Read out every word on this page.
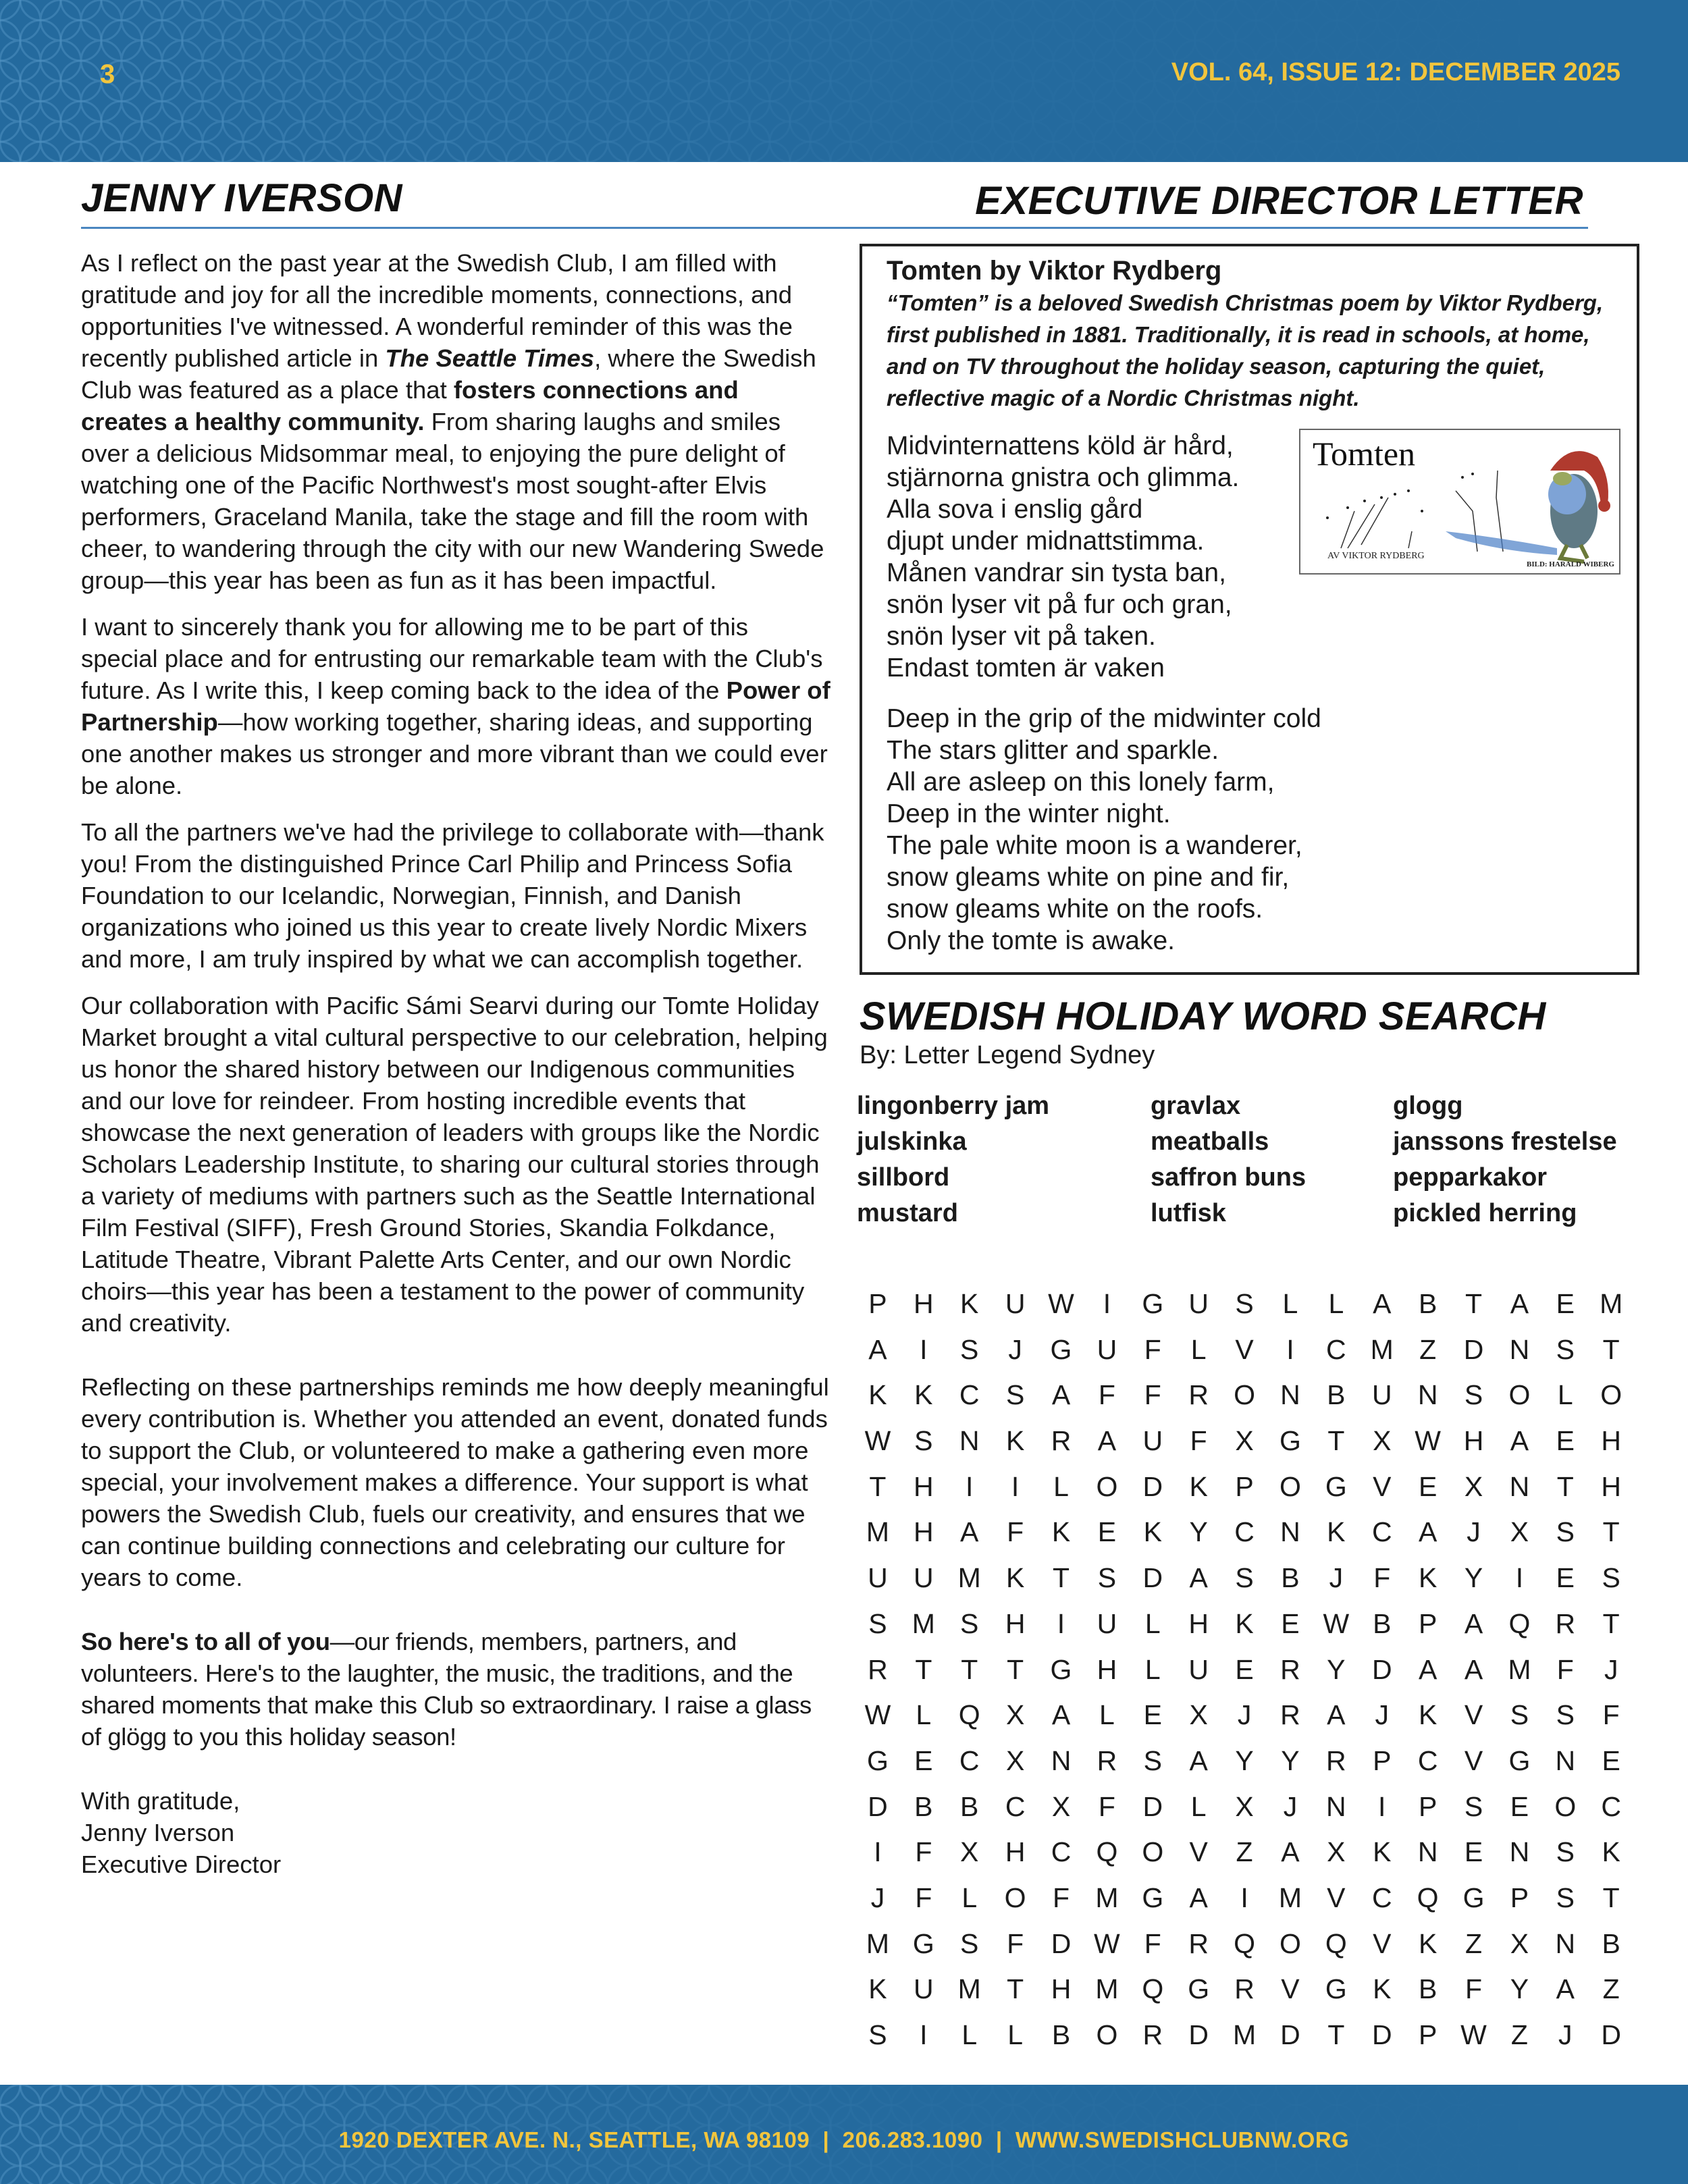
3	VOL. 64, ISSUE 12: DECEMBER 2025
JENNY IVERSON	EXECUTIVE DIRECTOR LETTER

As I reflect on the past year at the Swedish Club, I am filled with gratitude and joy for all the incredible moments, connections, and opportunities I've witnessed. A wonderful reminder of this was the recently published article in The Seattle Times, where the Swedish Club was featured as a place that fosters connections and creates a healthy community. From sharing laughs and smiles over a delicious Midsommar meal, to enjoying the pure delight of watching one of the Pacific Northwest's most sought-after Elvis performers, Graceland Manila, take the stage and fill the room with cheer, to wandering through the city with our new Wandering Swede group—this year has been as fun as it has been impactful.

I want to sincerely thank you for allowing me to be part of this special place and for entrusting our remarkable team with the Club's future. As I write this, I keep coming back to the idea of the Power of Partnership—how working together, sharing ideas, and supporting one another makes us stronger and more vibrant than we could ever be alone.

To all the partners we've had the privilege to collaborate with—thank you! From the distinguished Prince Carl Philip and Princess Sofia Foundation to our Icelandic, Norwegian, Finnish, and Danish organizations who joined us this year to create lively Nordic Mixers and more, I am truly inspired by what we can accomplish together.

Our collaboration with Pacific Sámi Searvi during our Tomte Holiday Market brought a vital cultural perspective to our celebration, helping us honor the shared history between our Indigenous communities and our love for reindeer. From hosting incredible events that showcase the next generation of leaders with groups like the Nordic Scholars Leadership Institute, to sharing our cultural stories through a variety of mediums with partners such as the Seattle International Film Festival (SIFF), Fresh Ground Stories, Skandia Folkdance, Latitude Theatre, Vibrant Palette Arts Center, and our own Nordic choirs—this year has been a testament to the power of community and creativity.

Reflecting on these partnerships reminds me how deeply meaningful every contribution is. Whether you attended an event, donated funds to support the Club, or volunteered to make a gathering even more special, your involvement makes a difference. Your support is what powers the Swedish Club, fuels our creativity, and ensures that we can continue building connections and celebrating our culture for years to come.

So here's to all of you—our friends, members, partners, and volunteers. Here's to the laughter, the music, the traditions, and the shared moments that make this Club so extraordinary. I raise a glass of glögg to you this holiday season!

With gratitude,
Jenny Iverson
Executive Director

Tomten by Viktor Rydberg
“Tomten” is a beloved Swedish Christmas poem by Viktor Rydberg, first published in 1881. Traditionally, it is read in schools, at home, and on TV throughout the holiday season, capturing the quiet, reflective magic of a Nordic Christmas night.
Midvinternattens köld är hård,
stjärnorna gnistra och glimma.
Alla sova i enslig gård
djupt under midnattstimma.
Månen vandrar sin tysta ban,
snön lyser vit på fur och gran,
snön lyser vit på taken.
Endast tomten är vaken
Tomten
AV VIKTOR RYDBERG
BILD: HARALD WIBERG
Deep in the grip of the midwinter cold
The stars glitter and sparkle.
All are asleep on this lonely farm,
Deep in the winter night.
The pale white moon is a wanderer,
snow gleams white on pine and fir,
snow gleams white on the roofs.
Only the tomte is awake.
SWEDISH HOLIDAY WORD SEARCH
By: Letter Legend Sydney
lingonberry jam
julskinka
sillbord
mustard
gravlax
meatballs
saffron buns
lutfisk
glogg
janssons frestelse
pepparkakor
pickled herring
P H K U W	I	G U S	L	L	A B	T	A E M
A	I	S	J	G U F	L	V	I	C M Z D N S	T
K K C S A	F	F R O N B U N S O L O
W S N K R A U F	X G T	X W H A E H
T H	I	I	L O D K P O G V E X N T H
M H A	F	K E K Y C N K C A	J	X S	T
U U M K	T	S D A S B	J	F	K Y	I	E S
S M S H	I	U	L	H K E W B P A Q R T
R T	T	T G H	L	U E R Y D A A M F	J
W L Q X A	L	E X	J	R A	J	K V S S	F
G E C X N R S A Y Y R P C V G N E
D B B C X	F D	L	X	J	N	I	P S E O C
I	F	X H C Q O V	Z	A X K N E N S K
J	F	L O F M G A	I	M V C Q G P S	T
M G S	F D W F R Q O Q V K	Z	X N B
K U M T H M Q G R V G K B	F	Y A	Z
S	I	L	L	B O R D M D T D P W Z	J	D
1920 DEXTER AVE. N., SEATTLE, WA 98109  |  206.283.1090  |  WWW.SWEDISHCLUBNW.ORG
